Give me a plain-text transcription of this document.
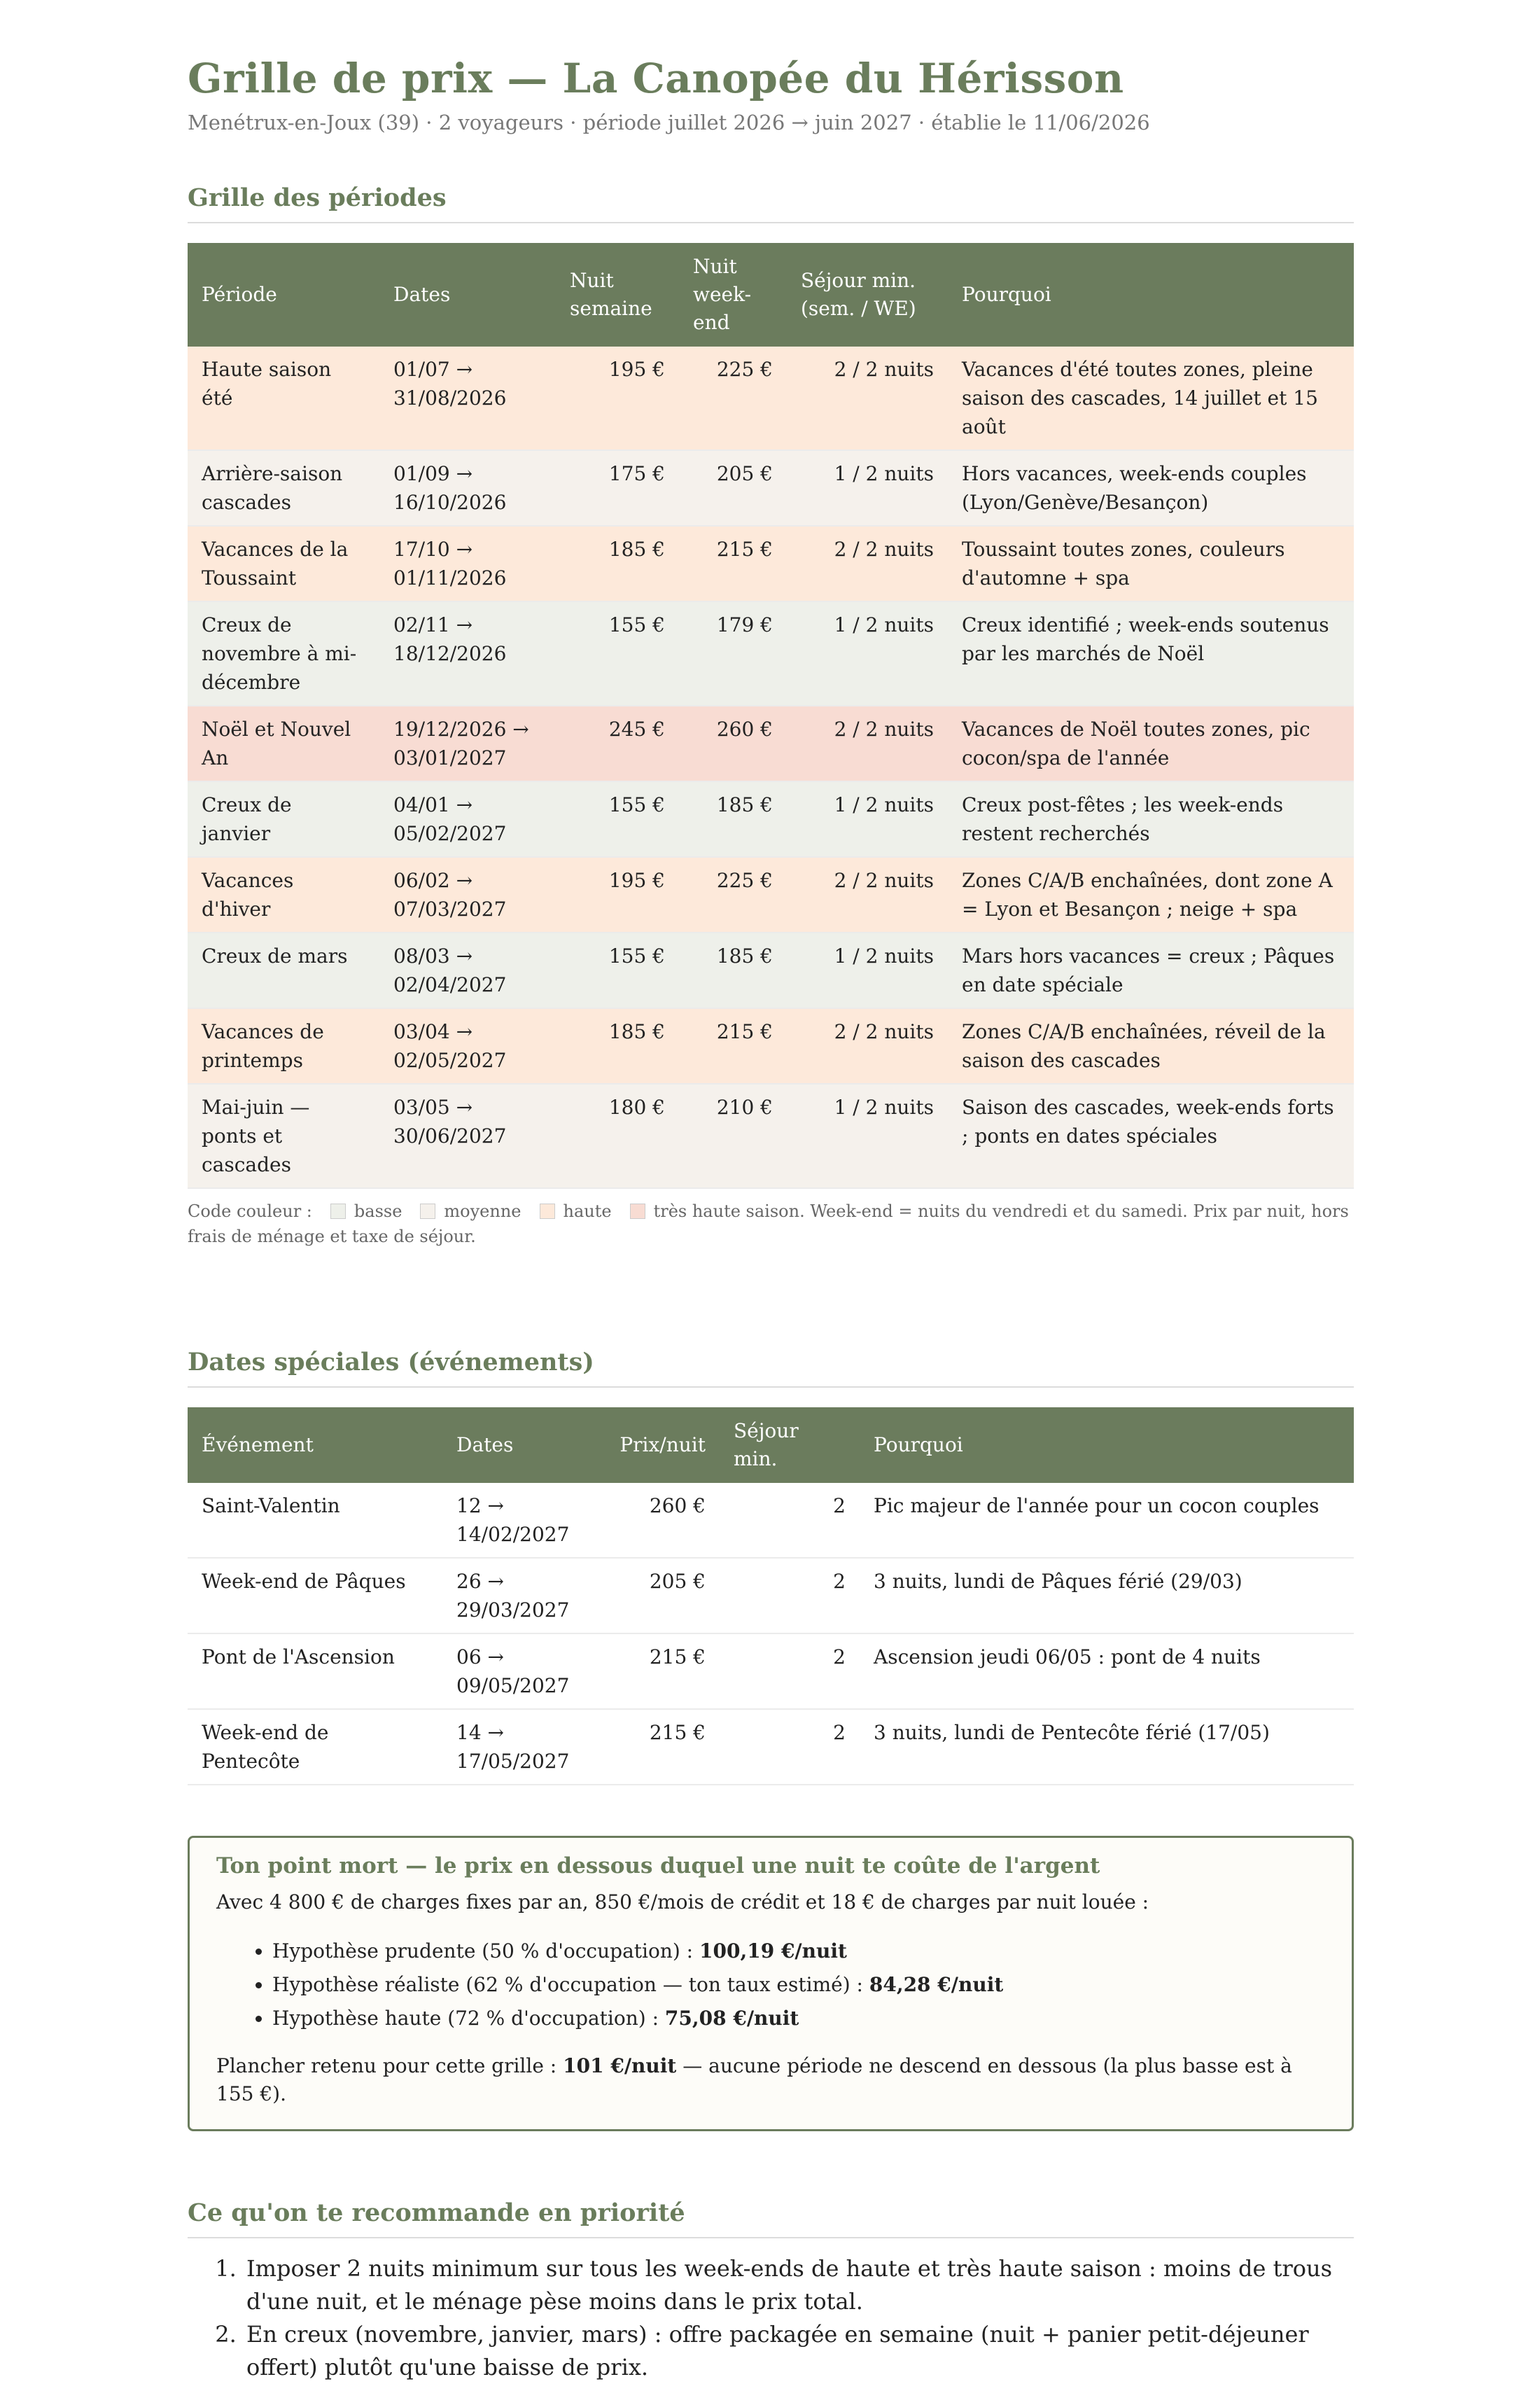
Grille de prix — La Canopée du Hérisson
Menétrux-en-Joux (39) · 2 voyageurs · période juillet 2026 → juin 2027 · établie le 11/06/2026
Grille des périodes
Période	Dates	Nuit semaine	Nuit week-end	Séjour min. (sem. / WE)	Pourquoi
Haute saison été	01/07 → 31/08/2026	195 €	225 €	2 / 2 nuits	Vacances d'été toutes zones, pleine saison des cascades, 14 juillet et 15 août
Arrière-saison cascades	01/09 → 16/10/2026	175 €	205 €	1 / 2 nuits	Hors vacances, week-ends couples (Lyon/Genève/Besançon)
Vacances de la Toussaint	17/10 → 01/11/2026	185 €	215 €	2 / 2 nuits	Toussaint toutes zones, couleurs d'automne + spa
Creux de novembre à mi-décembre	02/11 → 18/12/2026	155 €	179 €	1 / 2 nuits	Creux identifié ; week-ends soutenus par les marchés de Noël
Noël et Nouvel An	19/12/2026 → 03/01/2027	245 €	260 €	2 / 2 nuits	Vacances de Noël toutes zones, pic cocon/spa de l'année
Creux de janvier	04/01 → 05/02/2027	155 €	185 €	1 / 2 nuits	Creux post-fêtes ; les week-ends restent recherchés
Vacances d'hiver	06/02 → 07/03/2027	195 €	225 €	2 / 2 nuits	Zones C/A/B enchaînées, dont zone A = Lyon et Besançon ; neige + spa
Creux de mars	08/03 → 02/04/2027	155 €	185 €	1 / 2 nuits	Mars hors vacances = creux ; Pâques en date spéciale
Vacances de printemps	03/04 → 02/05/2027	185 €	215 €	2 / 2 nuits	Zones C/A/B enchaînées, réveil de la saison des cascades
Mai-juin — ponts et cascades	03/05 → 30/06/2027	180 €	210 €	1 / 2 nuits	Saison des cascades, week-ends forts ; ponts en dates spéciales
Code couleur :	basse	moyenne	haute	très haute saison. Week-end = nuits du vendredi et du samedi. Prix par nuit, hors frais de ménage et taxe de séjour.
Dates spéciales (événements)
Événement	Dates	Prix/nuit	Séjour min.	Pourquoi
Saint-Valentin	12 → 14/02/2027	260 €	2	Pic majeur de l'année pour un cocon couples
Week-end de Pâques	26 → 29/03/2027	205 €	2	3 nuits, lundi de Pâques férié (29/03)
Pont de l'Ascension	06 → 09/05/2027	215 €	2	Ascension jeudi 06/05 : pont de 4 nuits
Week-end de Pentecôte	14 → 17/05/2027	215 €	2	3 nuits, lundi de Pentecôte férié (17/05)
Ton point mort — le prix en dessous duquel une nuit te coûte de l'argent

Avec 4 800 € de charges fixes par an, 850 €/mois de crédit et 18 € de charges par nuit louée :

• Hypothèse prudente (50 % d'occupation) : 100,19 €/nuit
• Hypothèse réaliste (62 % d'occupation — ton taux estimé) : 84,28 €/nuit
• Hypothèse haute (72 % d'occupation) : 75,08 €/nuit

Plancher retenu pour cette grille : 101 €/nuit — aucune période ne descend en dessous (la plus basse est à 155 €).

Ce qu'on te recommande en priorité
1. Imposer 2 nuits minimum sur tous les week-ends de haute et très haute saison : moins de trous d'une nuit, et le ménage pèse moins dans le prix total.
2. En creux (novembre, janvier, mars) : offre packagée en semaine (nuit + panier petit-déjeuner offert) plutôt qu'une baisse de prix.
